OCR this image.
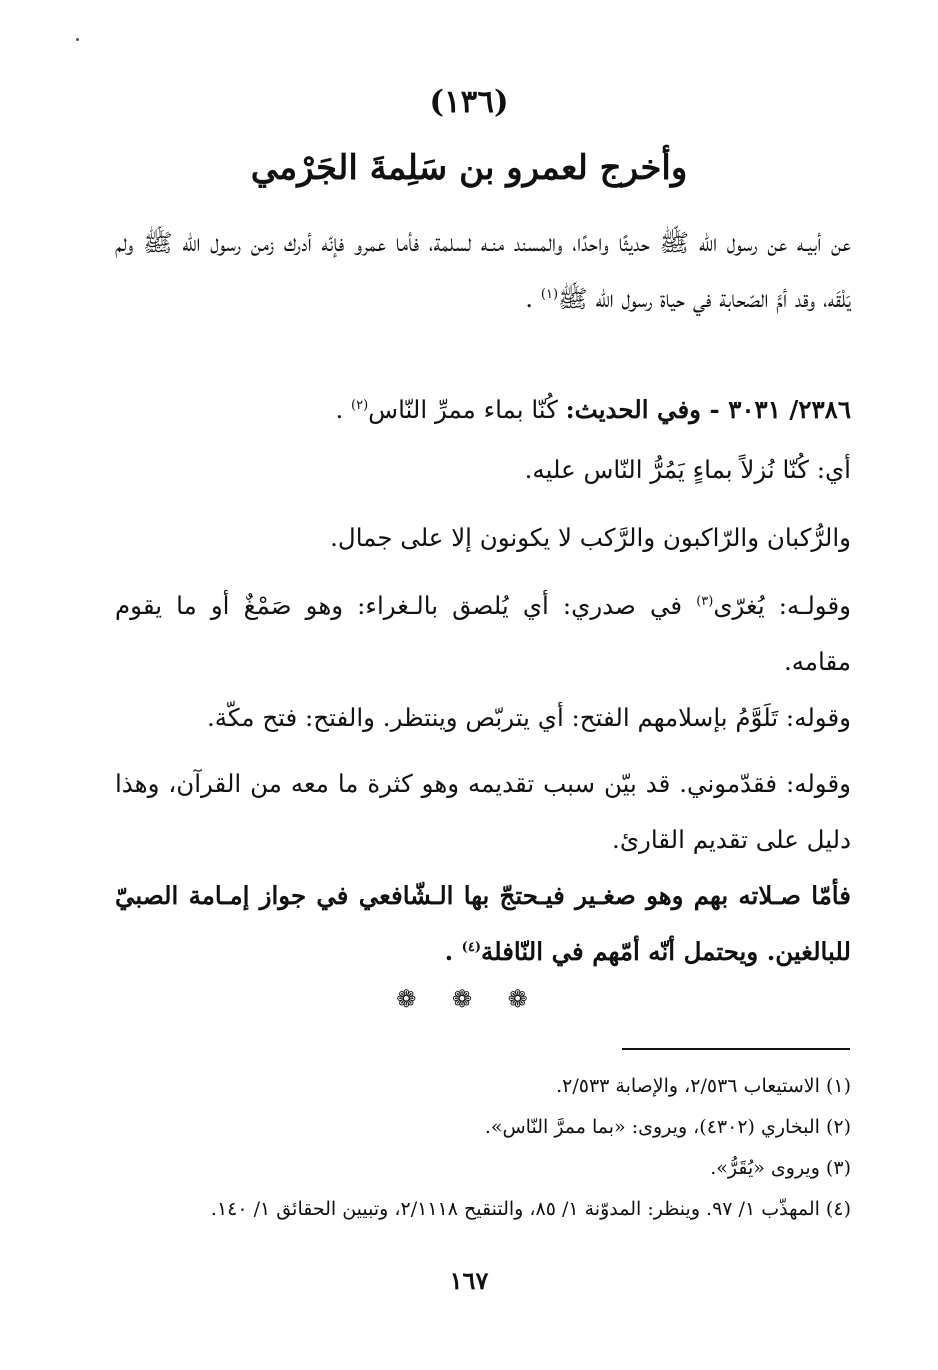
(١٣٦)
وأخرج لعمرو بن سَلِمةَ الجَرْمي
عن أبيـه عن رسول الله ﷺ حديثًا واحدًا، والمسند منـه لسلمة، فأما عمرو فإنّه أدرك زمن رسول الله ﷺ ولم يَلْقَه، وقد أمَّ الصّحابة في حياة رسول الله ﷺ$^{(١)}$ .
٢٣٨٦/ ٣٠٣١ - وفي الحديث: كُنّا بماء ممرِّ النّاس$^{(٢)}$ .
أي: كُنّا نُزلاً بماءٍ يَمُرُّ النّاس عليه.
والرُّكبان والرّاكبون والرَّكب لا يكونون إلا على جمال.
وقولـه: يُغرّى$^{(٣)}$ في صدري: أي يُلصق بالـغراء: وهو صَمْغٌ أو ما يقوم مقامه.
وقوله: تَلَوَّمُ بإسلامهم الفتح: أي يتربّص وينتظر. والفتح: فتح مكّة.
وقوله: فقدّموني. قد بيّن سبب تقديمه وهو كثرة ما معه من القرآن، وهذا دليل على تقديم القارئ.
فأمّا صـلاته بهم وهو صغـير فيـحتجّ بها الـشّافعي في جواز إمـامة الصبيّ للبالغين. ويحتمل أنّه أمّهم في النّافلة$^{(٤)}$ .
❁ ❁ ❁
(١) الاستيعاب ٢/٥٣٦، والإصابة ٢/٥٣٣.
(٢) البخاري (٤٣٠٢)، ويروى: «بما ممرَّ النّاس».
(٣) ويروى «يُقَرُّ».
(٤) المهذّب ١/ ٩٧. وينظر: المدوّنة ١/ ٨٥، والتنقيح ٢/١١١٨، وتبيين الحقائق ١/ ١٤٠.
١٦٧
